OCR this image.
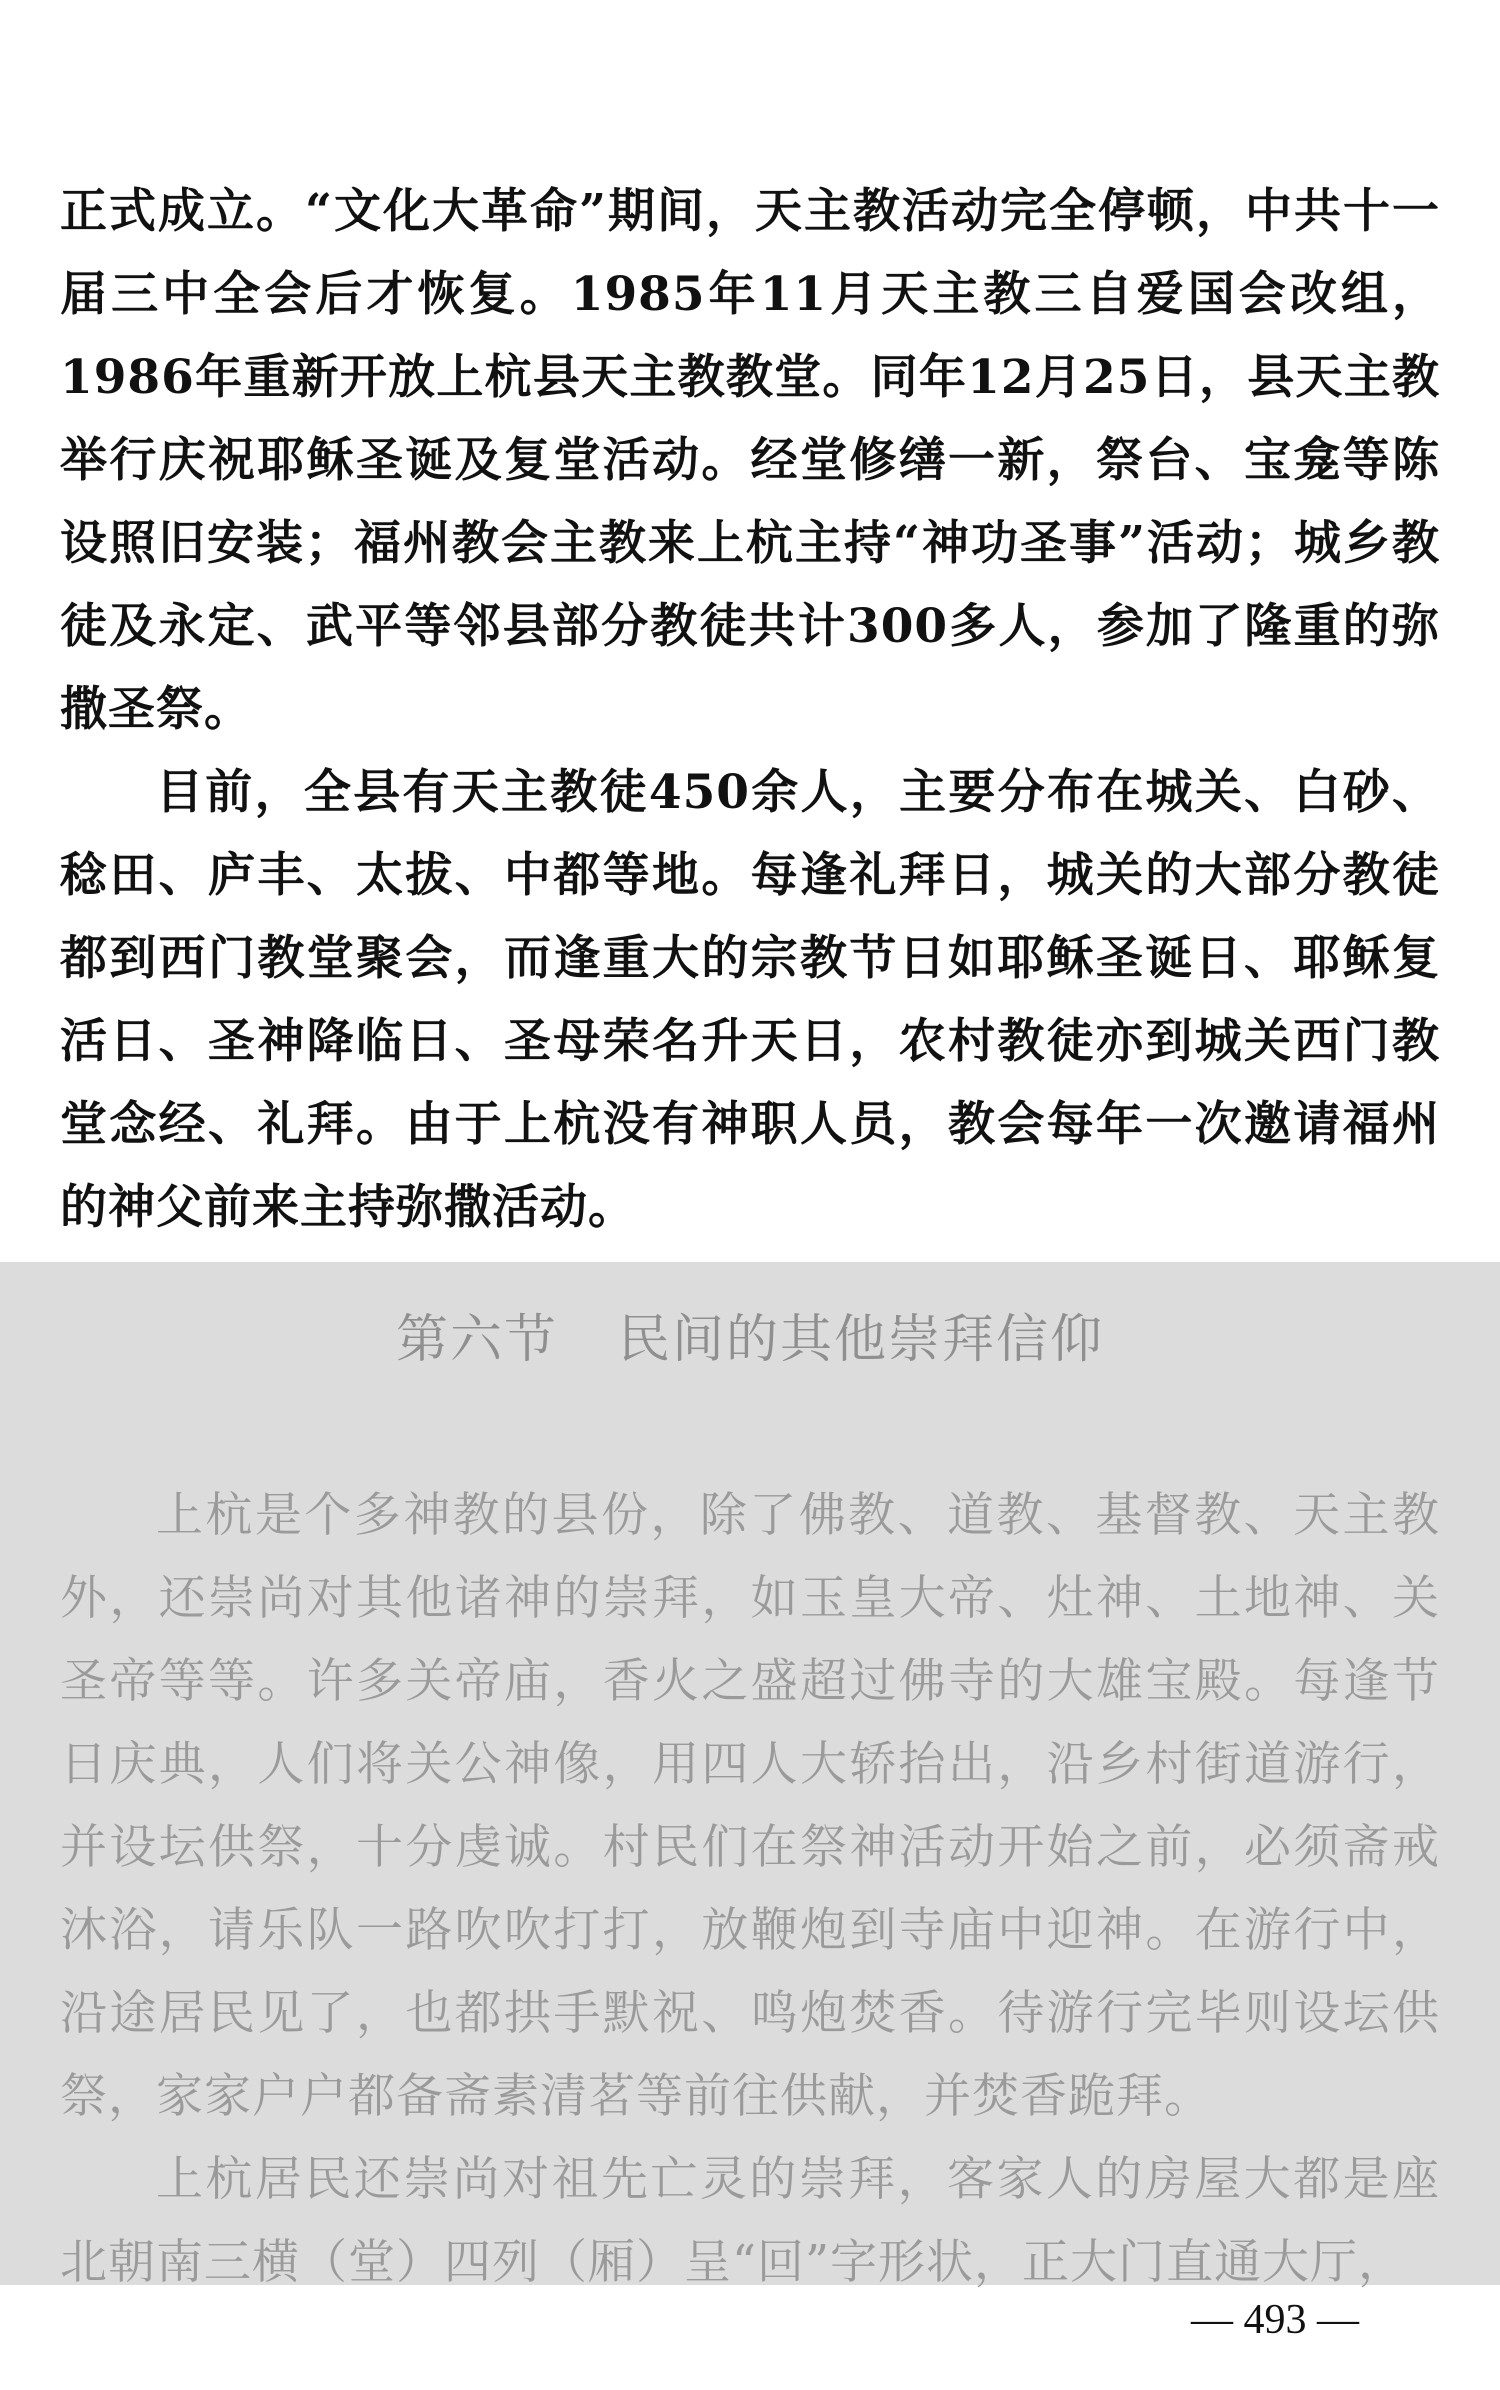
正式成立。“文化大革命”期间，天主教活动完全停顿，中共十一届三中全会后才恢复。1985年11月天主教三自爱国会改组，1986年重新开放上杭县天主教教堂。同年12月25日，县天主教举行庆祝耶稣圣诞及复堂活动。经堂修缮一新，祭台、宝龛等陈设照旧安装；福州教会主教来上杭主持“神功圣事”活动；城乡教徒及永定、武平等邻县部分教徒共计300多人，参加了隆重的弥撒圣祭。

目前，全县有天主教徒450余人，主要分布在城关、白砂、稔田、庐丰、太拔、中都等地。每逢礼拜日，城关的大部分教徒都到西门教堂聚会，而逢重大的宗教节日如耶稣圣诞日、耶稣复活日、圣神降临日、圣母荣名升天日，农村教徒亦到城关西门教堂念经、礼拜。由于上杭没有神职人员，教会每年一次邀请福州的神父前来主持弥撒活动。

第六节 民间的其他崇拜信仰

上杭是个多神教的县份，除了佛教、道教、基督教、天主教外，还崇尚对其他诸神的崇拜，如玉皇大帝、灶神、土地神、关圣帝等等。许多关帝庙，香火之盛超过佛寺的大雄宝殿。每逢节日庆典，人们将关公神像，用四人大轿抬出，沿乡村街道游行，并设坛供祭，十分虔诚。村民们在祭神活动开始之前，必须斋戒沐浴，请乐队一路吹吹打打，放鞭炮到寺庙中迎神。在游行中，沿途居民见了，也都拱手默祝、鸣炮焚香。待游行完毕则设坛供祭，家家户户都备斋素清茗等前往供献，并焚香跪拜。

上杭居民还崇尚对祖先亡灵的崇拜，客家人的房屋大都是座北朝南三横（堂）四列（厢）呈“回”字形状，正大门直通大厅，

— 493 —
